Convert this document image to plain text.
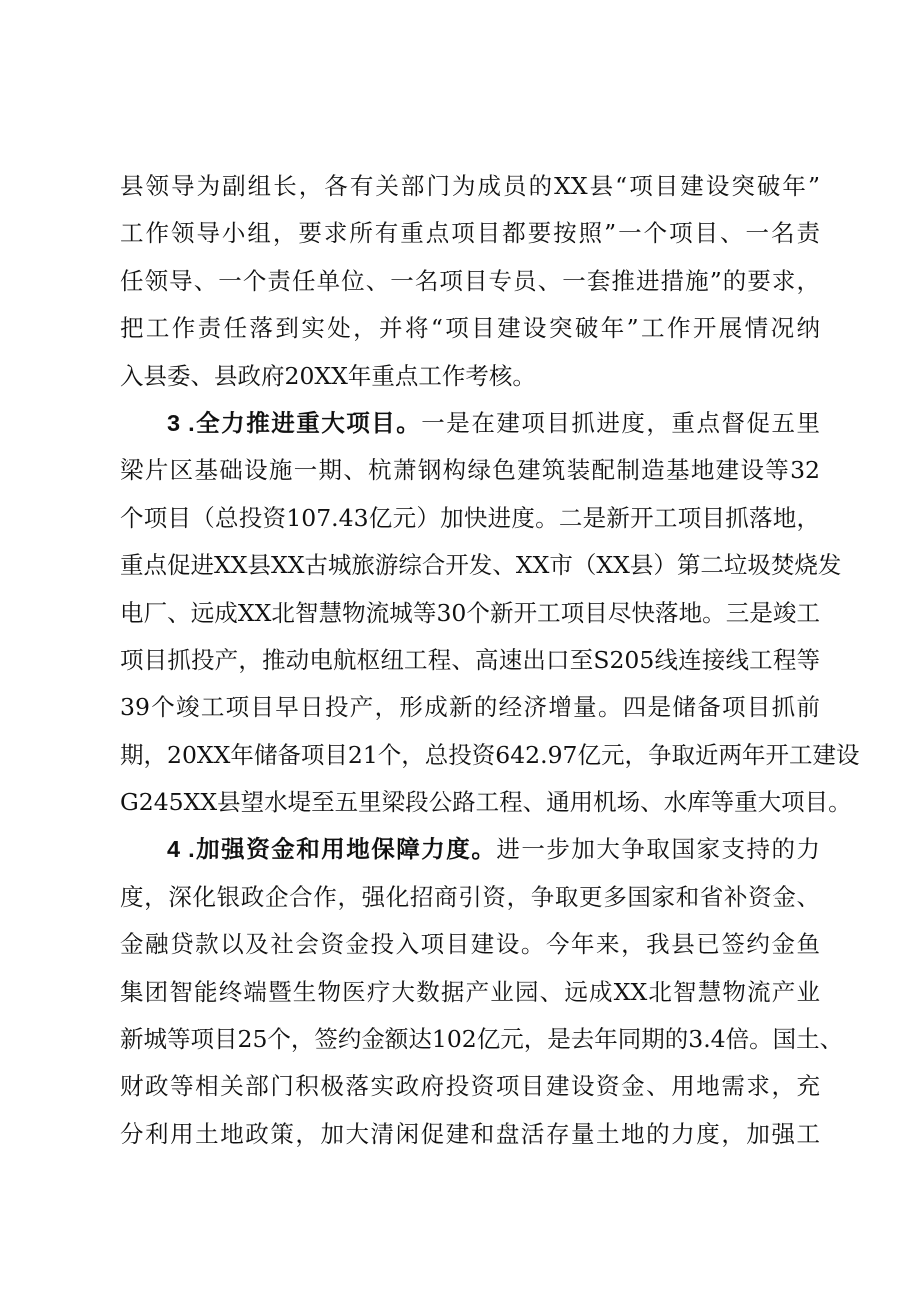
县领导为副组长，各有关部门为成员的XX县“项目建设突破年”
工作领导小组，要求所有重点项目都要按照”一个项目、一名责
任领导、一个责任单位、一名项目专员、一套推进措施”的要求，
把工作责任落到实处，并将“项目建设突破年”工作开展情况纳
入县委、县政府20XX年重点工作考核。
3 .全力推进重大项目。一是在建项目抓进度，重点督促五里
梁片区基础设施一期、杭萧钢构绿色建筑装配制造基地建设等32
个项目（总投资107.43亿元）加快进度。二是新开工项目抓落地，
重点促进XX县XX古城旅游综合开发、XX市（XX县）第二垃圾焚烧发
电厂、远成XX北智慧物流城等30个新开工项目尽快落地。三是竣工
项目抓投产，推动电航枢纽工程、高速出口至S205线连接线工程等
39个竣工项目早日投产，形成新的经济增量。四是储备项目抓前
期，20XX年储备项目21个，总投资642.97亿元，争取近两年开工建设
G245XX县望水堤至五里梁段公路工程、通用机场、水库等重大项目。
4 .加强资金和用地保障力度。进一步加大争取国家支持的力
度，深化银政企合作，强化招商引资，争取更多国家和省补资金、
金融贷款以及社会资金投入项目建设。今年来，我县已签约金鱼
集团智能终端暨生物医疗大数据产业园、远成XX北智慧物流产业
新城等项目25个，签约金额达102亿元，是去年同期的3.4倍。国土、
财政等相关部门积极落实政府投资项目建设资金、用地需求，充
分利用土地政策，加大清闲促建和盘活存量土地的力度，加强工
